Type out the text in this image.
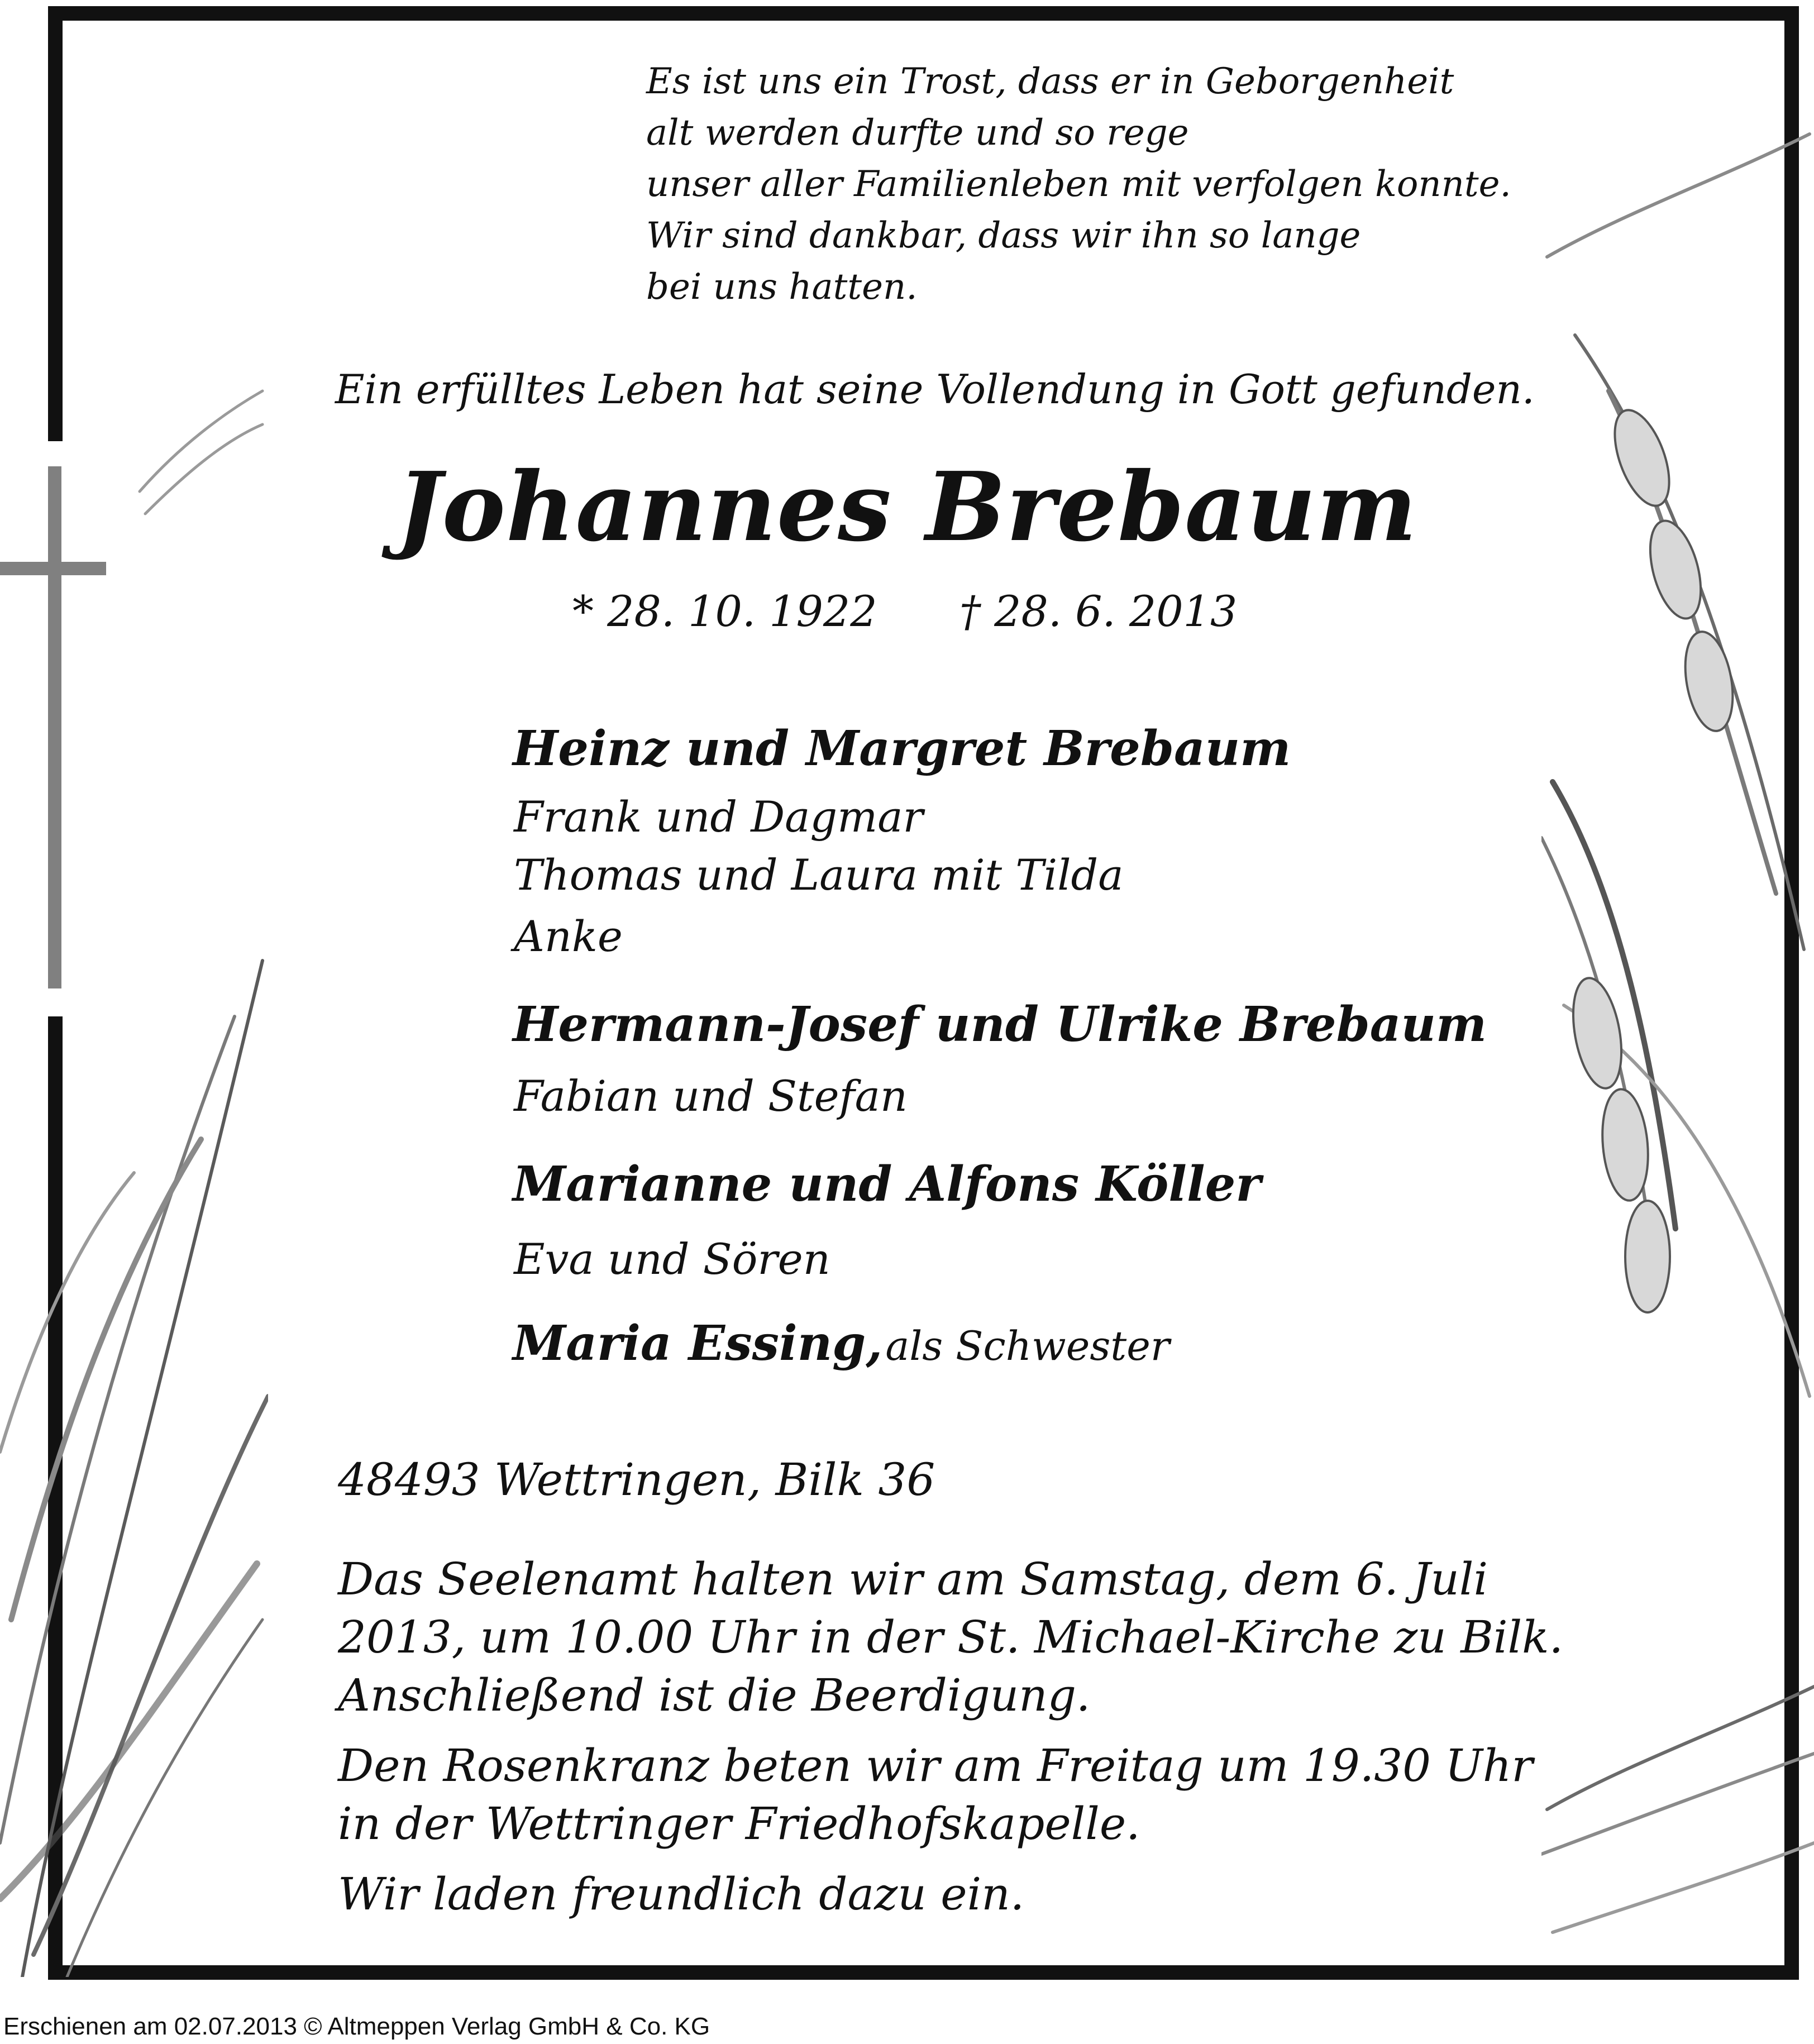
Es ist uns ein Trost, dass er in Geborgenheit
alt werden durfte und so rege
unser aller Familienleben mit verfolgen konnte.
Wir sind dankbar, dass wir ihn so lange
bei uns hatten.
Ein erfülltes Leben hat seine Vollendung in Gott gefunden.
Johannes Brebaum
* 28. 10. 1922 † 28. 6. 2013
Heinz und Margret Brebaum
Frank und Dagmar
Thomas und Laura mit Tilda
Anke
Hermann-Josef und Ulrike Brebaum
Fabian und Stefan
Marianne und Alfons Köller
Eva und Sören
Maria Essing, als Schwester
48493 Wettringen, Bilk 36
Das Seelenamt halten wir am Samstag, dem 6. Juli
2013, um 10.00 Uhr in der St. Michael-Kirche zu Bilk.
Anschließend ist die Beerdigung.
Den Rosenkranz beten wir am Freitag um 19.30 Uhr
in der Wettringer Friedhofskapelle.
Wir laden freundlich dazu ein.
Erschienen am 02.07.2013 © Altmeppen Verlag GmbH & Co. KG
